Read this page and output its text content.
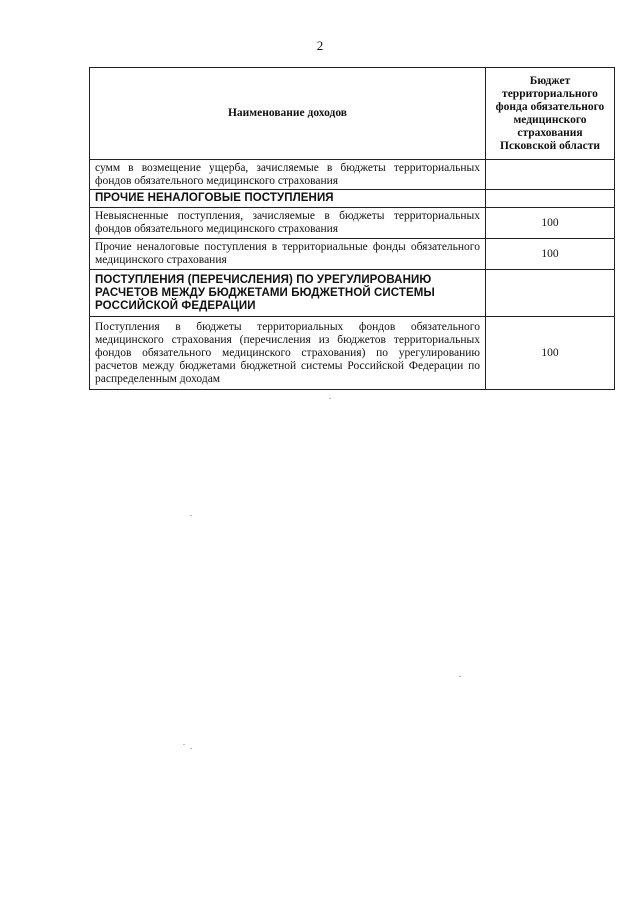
2
Наименование доходов	Бюджет территориального фонда обязательного медицинского страхования Псковской области
сумм в возмещение ущерба, зачисляемые в бюджеты территориальных фондов обязательного медицинского страхования	
ПРОЧИЕ НЕНАЛОГОВЫЕ ПОСТУПЛЕНИЯ	
Невыясненные поступления, зачисляемые в бюджеты территориальных фондов обязательного медицинского страхования	100
Прочие неналоговые поступления в территориальные фонды обязательного медицинского страхования	100
ПОСТУПЛЕНИЯ (ПЕРЕЧИСЛЕНИЯ) ПО УРЕГУЛИРОВАНИЮ РАСЧЕТОВ МЕЖДУ БЮДЖЕТАМИ БЮДЖЕТНОЙ СИСТЕМЫ РОССИЙСКОЙ ФЕДЕРАЦИИ	
Поступления в бюджеты территориальных фондов обязательного медицинского страхования (перечисления из бюджетов территориальных фондов обязательного медицинского страхования) по урегулированию расчетов между бюджетами бюджетной системы Российской Федерации по распределенным доходам	100
